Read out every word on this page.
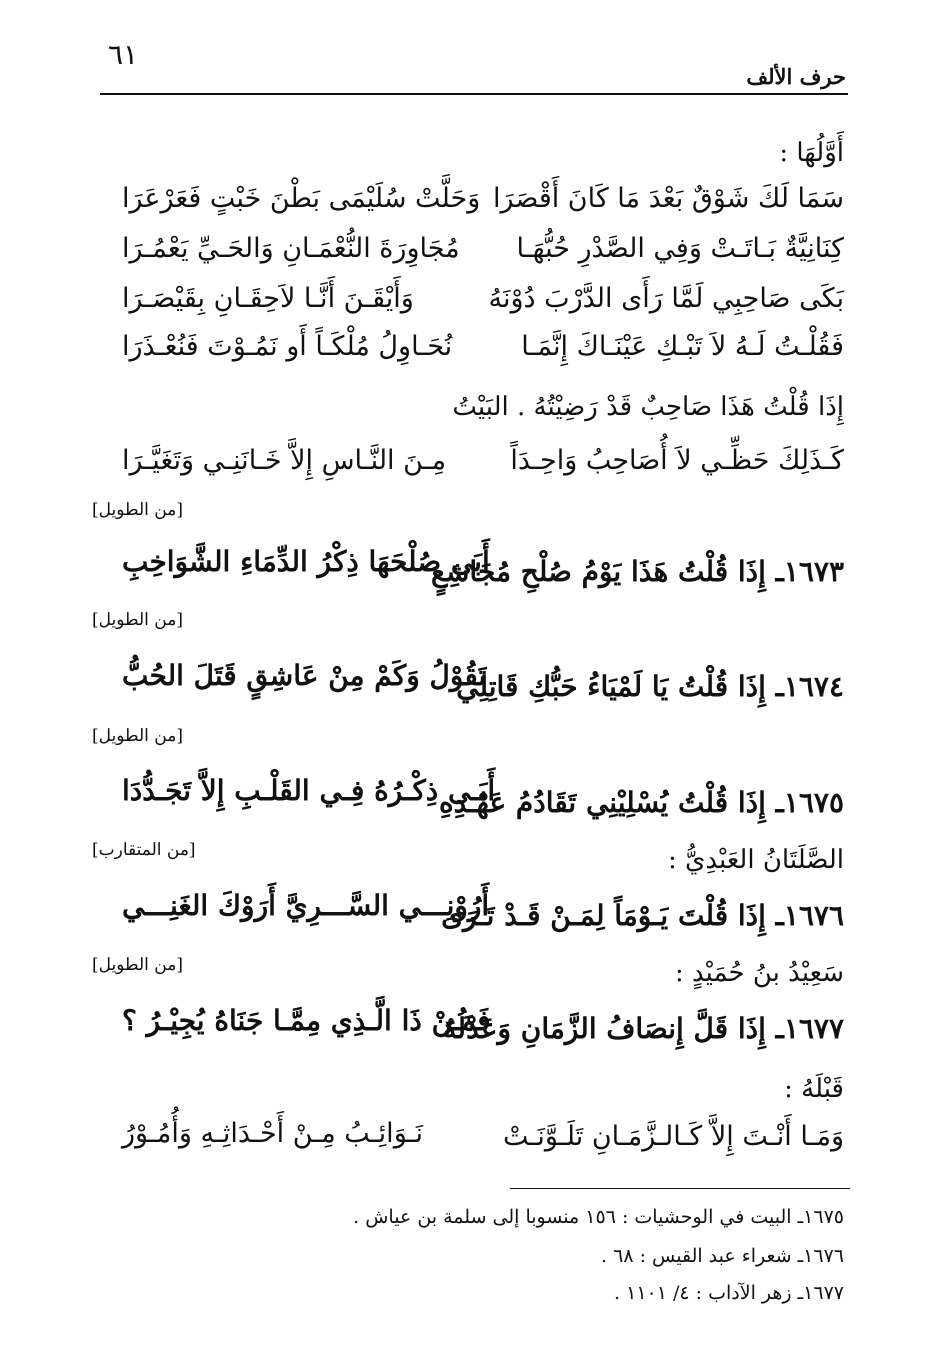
٦١
حرف الألف
أَوَّلُهَا :
سَمَا لَكَ شَوْقٌ بَعْدَ مَا كَانَ أَقْصَرَا
وَحَلَّتْ سُلَيْمَى بَطْنَ خَبْتٍ فَعَرْعَرَا
كِنَانِيَّةٌ بَـاتَـتْ وَفِي الصَّدْرِ حُبُّهَـا
مُجَاوِرَةَ النُّعْمَـانِ وَالحَـيِّ يَعْمُـرَا
بَكَى صَاحِبِي لَمَّا رَأَى الدَّرْبَ دُوْنَهُ
وَأَيْقَـنَ أَنَّـا لاَحِقَـانِ بِقَيْصَـرَا
فَقُلْـتُ لَـهُ لاَ تَبْـكِ عَيْنَـاكَ إِنَّمَـا
نُحَـاوِلُ مُلْكَـاً أَو نَمُـوْتَ فَنُعْـذَرَا
إِذَا قُلْتُ هَذَا صَاحِبٌ قَدْ رَضِيْتُهُ . البَيْتُ
كَـذَلِكَ حَظِّـي لاَ أُصَاحِبُ وَاحِـدَاً
مِـنَ النَّـاسِ إِلاَّ خَـانَنِـي وَتَغَيَّـرَا
[من الطويل]
١٦٧٣ـ إِذَا قُلْتُ هَذَا يَوْمُ صُلْحِ مُجَاشِعٍ
أَبَى صُلْحَهَا ذِكْرُ الدِّمَاءِ الشَّوَاخِبِ
[من الطويل]
١٦٧٤ـ إِذَا قُلْتُ يَا لَمْيَاءُ حَبُّكِ قَاتِلِي
تَقُوْلُ وَكَمْ مِنْ عَاشِقٍ قَتَلَ الحُبُّ
[من الطويل]
١٦٧٥ـ إِذَا قُلْتُ يُسْلِيْنِي تَقَادُمُ عَهْـدِهِ
أَبَـى ذِكْـرُهُ فِـي القَلْـبِ إِلاَّ تَجَـدُّدَا
[من المتقارب]	الصَّلَتَانُ العَبْدِيُّ :
١٦٧٦ـ إِذَا قُلْتَ يَـوْمَاً لِمَـنْ قَـدْ تَـرَى
أَرُوْنِـــي السَّـــرِيَّ أَرَوْكَ الغَنِـــي
[من الطويل]	سَعِيْدُ بنُ حُمَيْدٍ :
١٦٧٧ـ إِذَا قَلَّ إِنصَافُ الزَّمَانِ وَعَدْلُهُ
فَمَـنْ ذَا الَّـذِي مِمَّـا جَنَاهُ يُجِيْـرُ ؟
قَبْلَهُ :
وَمَـا أَنْـتَ إِلاَّ كَـالـزَّمَـانِ تَلَـوَّنَـتْ
نَـوَائِـبُ مِـنْ أَحْـدَاثِـهِ وَأُمُـوْرُ
١٦٧٥ـ البيت في الوحشيات : ١٥٦ منسوبا إلى سلمة بن عياش .
١٦٧٦ـ شعراء عبد القيس : ٦٨ .
١٦٧٧ـ زهر الآداب : ٤/ ١١٠١ .
